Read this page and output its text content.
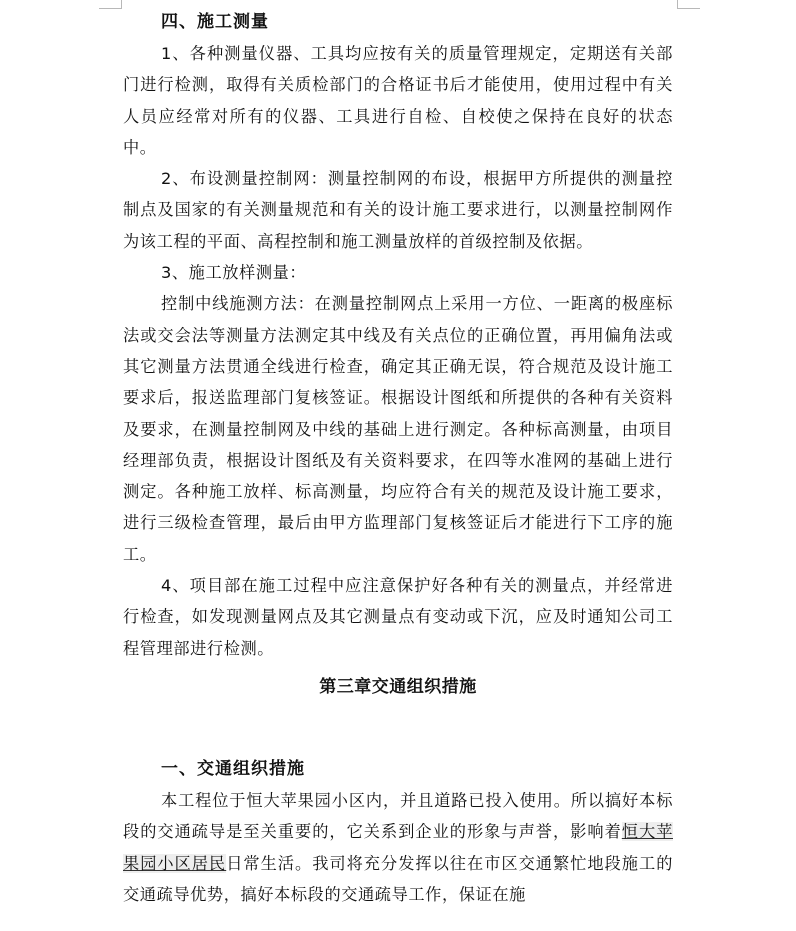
四、施工测量

1、各种测量仪器、工具均应按有关的质量管理规定，定期送有关部门进行检测，取得有关质检部门的合格证书后才能使用，使用过程中有关人员应经常对所有的仪器、工具进行自检、自校使之保持在良好的状态中。

2、布设测量控制网：测量控制网的布设，根据甲方所提供的测量控制点及国家的有关测量规范和有关的设计施工要求进行，以测量控制网作为该工程的平面、高程控制和施工测量放样的首级控制及依据。

3、施工放样测量：

控制中线施测方法：在测量控制网点上采用一方位、一距离的极座标法或交会法等测量方法测定其中线及有关点位的正确位置，再用偏角法或其它测量方法贯通全线进行检查，确定其正确无误，符合规范及设计施工要求后，报送监理部门复核签证。根据设计图纸和所提供的各种有关资料及要求，在测量控制网及中线的基础上进行测定。各种标高测量，由项目经理部负责，根据设计图纸及有关资料要求，在四等水准网的基础上进行测定。各种施工放样、标高测量，均应符合有关的规范及设计施工要求，进行三级检查管理，最后由甲方监理部门复核签证后才能进行下工序的施工。

4、项目部在施工过程中应注意保护好各种有关的测量点，并经常进行检查，如发现测量网点及其它测量点有变动或下沉，应及时通知公司工程管理部进行检测。

第三章交通组织措施

一、交通组织措施

本工程位于恒大苹果园小区内，并且道路已投入使用。所以搞好本标段的交通疏导是至关重要的，它关系到企业的形象与声誉，影响着恒大苹果园小区居民日常生活。我司将充分发挥以往在市区交通繁忙地段施工的交通疏导优势，搞好本标段的交通疏导工作，保证在施
